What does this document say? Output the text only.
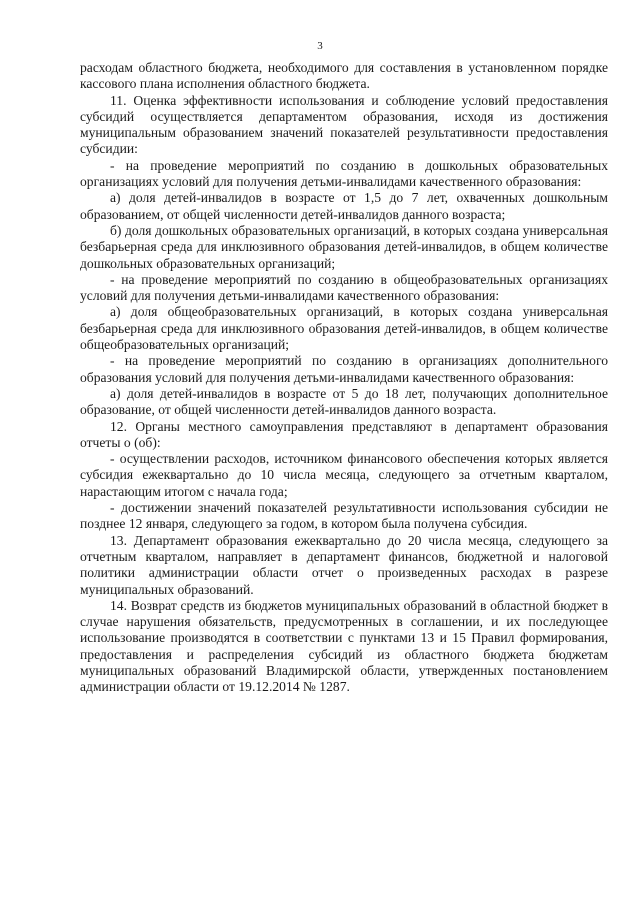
3

расходам областного бюджета, необходимого для составления в установленном порядке кассового плана исполнения областного бюджета.

11. Оценка эффективности использования и соблюдение условий предоставления субсидий осуществляется департаментом образования, исходя из достижения муниципальным образованием значений показателей результативности предоставления субсидии:

- на проведение мероприятий по созданию в дошкольных образовательных организациях условий для получения детьми-инвалидами качественного образования:

а) доля детей-инвалидов в возрасте от 1,5 до 7 лет, охваченных дошкольным образованием, от общей численности детей-инвалидов данного возраста;

б) доля дошкольных образовательных организаций, в которых создана универсальная безбарьерная среда для инклюзивного образования детей-инвалидов, в общем количестве дошкольных образовательных организаций;

- на проведение мероприятий по созданию в общеобразовательных организациях условий для получения детьми-инвалидами качественного образования:

а) доля общеобразовательных организаций, в которых создана универсальная безбарьерная среда для инклюзивного образования детей-инвалидов, в общем количестве общеобразовательных организаций;

- на проведение мероприятий по созданию в организациях дополнительного образования условий для получения детьми-инвалидами качественного образования:

а) доля детей-инвалидов в возрасте от 5 до 18 лет, получающих дополнительное образование, от общей численности детей-инвалидов данного возраста.

12. Органы местного самоуправления представляют в департамент образования отчеты о (об):

- осуществлении расходов, источником финансового обеспечения которых является субсидия ежеквартально до 10 числа месяца, следующего за отчетным кварталом, нарастающим итогом с начала года;

- достижении значений показателей результативности использования субсидии не позднее 12 января, следующего за годом, в котором была получена субсидия.

13. Департамент образования ежеквартально до 20 числа месяца, следующего за отчетным кварталом, направляет в департамент финансов, бюджетной и налоговой политики администрации области отчет о произведенных расходах в разрезе муниципальных образований.

14. Возврат средств из бюджетов муниципальных образований в областной бюджет в случае нарушения обязательств, предусмотренных в соглашении, и их последующее использование производятся в соответствии с пунктами 13 и 15 Правил формирования, предоставления и распределения субсидий из областного бюджета бюджетам муниципальных образований Владимирской области, утвержденных постановлением администрации области от 19.12.2014 № 1287.
